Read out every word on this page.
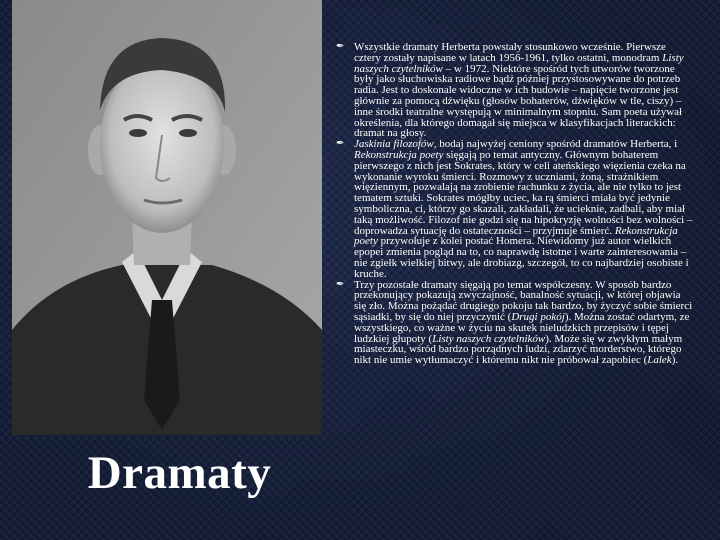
Dramaty

✒ Wszystkie dramaty Herberta powstały stosunkowo wcześnie. Pierwsze cztery zostały napisane w latach 1956-1961, tylko ostatni, monodram Listy naszych czytelników – w 1972. Niektóre spośród tych utworów tworzone były jako słuchowiska radiowe bądź później przystosowywane do potrzeb radia. Jest to doskonale widoczne w ich budowie – napięcie tworzone jest głównie za pomocą dźwięku (głosów bohaterów, dźwięków w tle, ciszy) – inne środki teatralne występują w minimalnym stopniu. Sam poeta używał określenia, dla którego domagał się miejsca w klasyfikacjach literackich: dramat na głosy.

✒ Jaskinia filozofów, bodaj najwyżej ceniony spośród dramatów Herberta, i Rekonstrukcja poety sięgają po temat antyczny. Głównym bohaterem pierwszego z nich jest Sokrates, który w celi ateńskiego więzienia czeka na wykonanie wyroku śmierci. Rozmowy z uczniami, żoną, strażnikiem więziennym, pozwalają na zrobienie rachunku z życia, ale nie tylko to jest tematem sztuki. Sokrates mógłby uciec, ka rą śmierci miała być jedynie symboliczna, ci, którzy go skazali, zakładali, że ucieknie, zadbali, aby miał taką możliwość. Filozof nie godzi się na hipokryzję wolności bez wolności – doprowadza sytuację do ostateczności – przyjmuje śmierć. Rekonstrukcja poety przywołuje z kolei postać Homera. Niewidomy już autor wielkich epopei zmienia pogląd na to, co naprawdę istotne i warte zainteresowania – nie zgiełk wielkiej bitwy, ale drobiazg, szczegół, to co najbardziej osobiste i kruche.

✒ Trzy pozostałe dramaty sięgają po temat współczesny. W sposób bardzo przekonujący pokazują zwyczajność, banalność sytuacji, w której objawia się zło. Można pożądać drugiego pokoju tak bardzo, by życzyć sobie śmierci sąsiadki, by się do niej przyczynić (Drugi pokój). Można zostać odartym, ze wszystkiego, co ważne w życiu na skutek nieludzkich przepisów i tępej ludzkiej głupoty (Listy naszych czytelników). Może się w zwykłym małym miasteczku, wśród bardzo porządnych ludzi, zdarzyć morderstwo, którego nikt nie umie wytłumaczyć i któremu nikt nie próbował zapobiec (Lalek).
